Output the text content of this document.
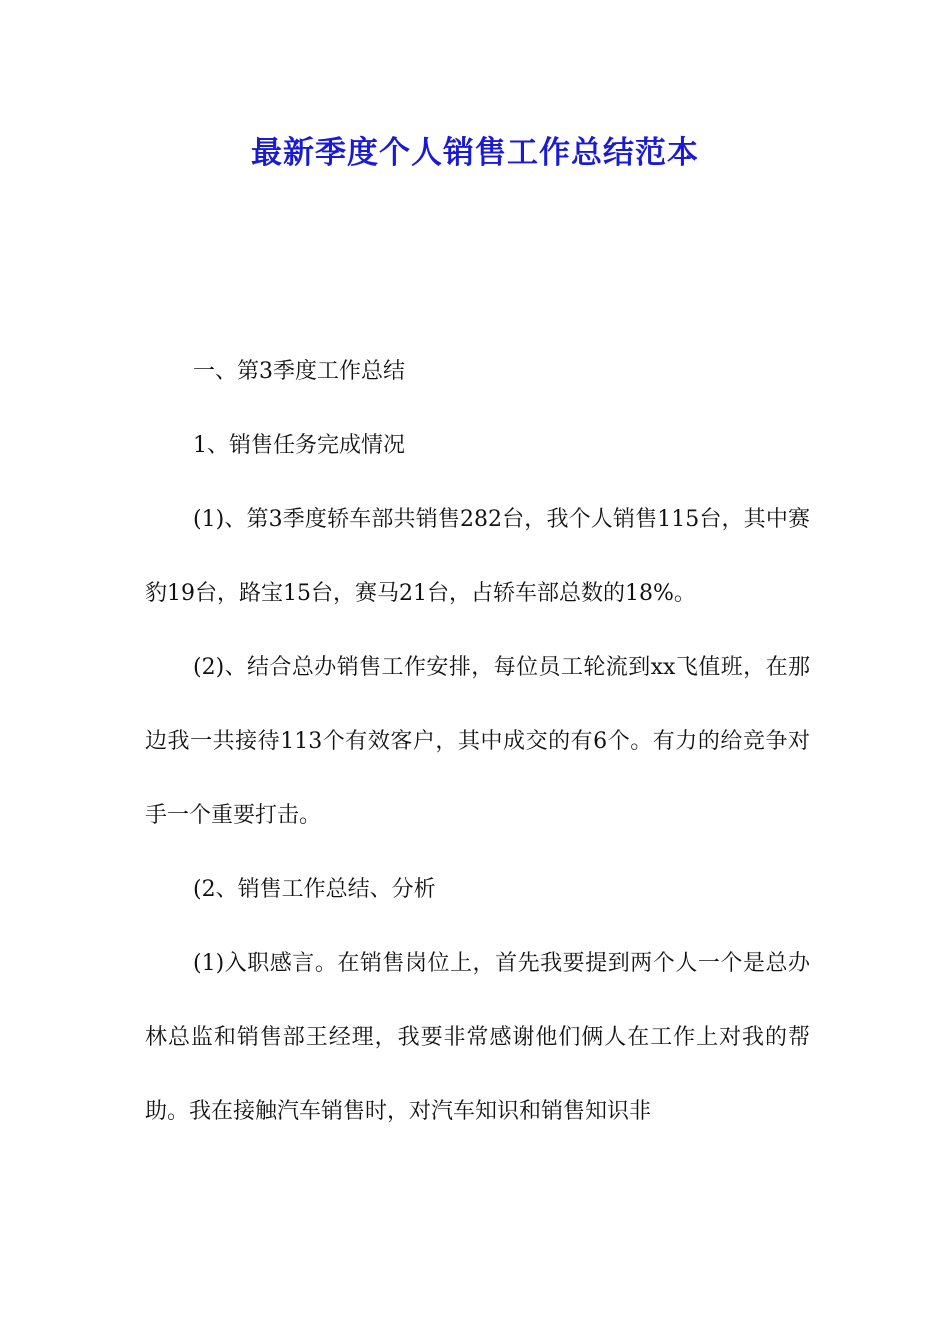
最新季度个人销售工作总结范本

一、第3季度工作总结

1、销售任务完成情况

(1)、第3季度轿车部共销售282台，我个人销售115台，其中赛豹19台，路宝15台，赛马21台，占轿车部总数的18%。

(2)、结合总办销售工作安排，每位员工轮流到xx飞值班，在那边我一共接待113个有效客户，其中成交的有6个。有力的给竞争对手一个重要打击。

(2、销售工作总结、分析

(1)入职感言。在销售岗位上，首先我要提到两个人一个是总办林总监和销售部王经理，我要非常感谢他们俩人在工作上对我的帮助。我在接触汽车销售时，对汽车知识和销售知识非
